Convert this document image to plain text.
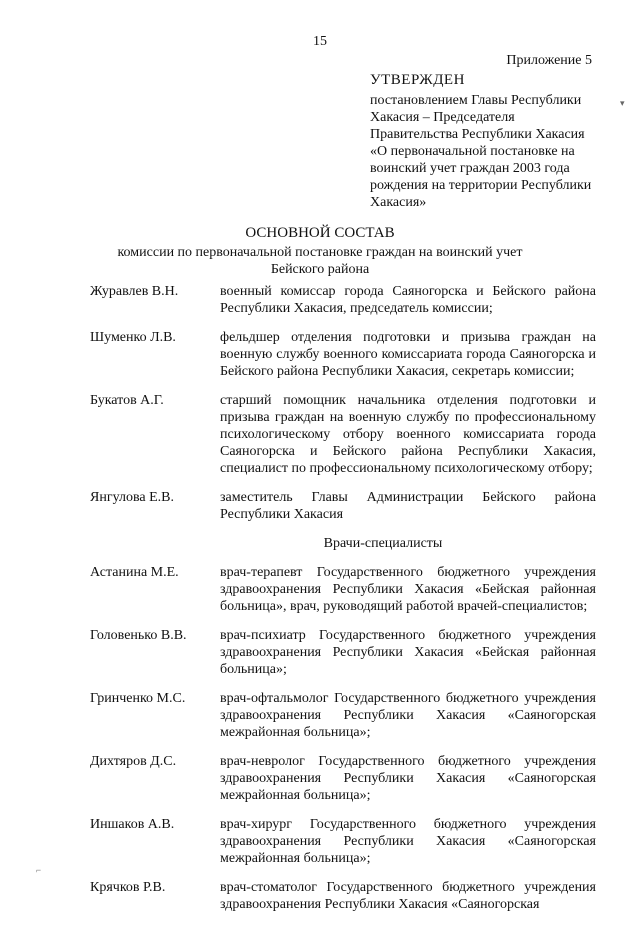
15
Приложение 5
УТВЕРЖДЕН
постановлением Главы Республики
Хакасия – Председателя
Правительства Республики Хакасия
«О первоначальной постановке на
воинский учет граждан 2003 года
рождения на территории Республики
Хакасия»
ОСНОВНОЙ СОСТАВ
комиссии по первоначальной постановке граждан на воинский учет
Бейского района
Журавлев В.Н.	военный комиссар города Саяногорска и Бейского района Республики Хакасия, председатель комиссии;
Шуменко Л.В.	фельдшер отделения подготовки и призыва граждан на военную службу военного комиссариата города Саяногорска и Бейского района Республики Хакасия, секретарь комиссии;
Букатов А.Г.	старший помощник начальника отделения подготовки и призыва граждан на военную службу по профессиональному психологическому отбору военного комиссариата города Саяногорска и Бейского района Республики Хакасия, специалист по профессиональному психологическому отбору;
Янгулова Е.В.	заместитель Главы Администрации Бейского района Республики Хакасия
Врачи-специалисты
Астанина М.Е.	врач-терапевт Государственного бюджетного учреждения здравоохранения Республики Хакасия «Бейская районная больница», врач, руководящий работой врачей-специалистов;
Головенько В.В.	врач-психиатр Государственного бюджетного учреждения здравоохранения Республики Хакасия «Бейская районная больница»;
Гринченко М.С.	врач-офтальмолог Государственного бюджетного учреждения здравоохранения Республики Хакасия «Саяногорская межрайонная больница»;
Дихтяров Д.С.	врач-невролог Государственного бюджетного учреждения здравоохранения Республики Хакасия «Саяногорская межрайонная больница»;
Иншаков А.В.	врач-хирург Государственного бюджетного учреждения здравоохранения Республики Хакасия «Саяногорская межрайонная больница»;
Крячков Р.В.	врач-стоматолог Государственного бюджетного учреждения здравоохранения Республики Хакасия «Саяногорская
▾
⌐
